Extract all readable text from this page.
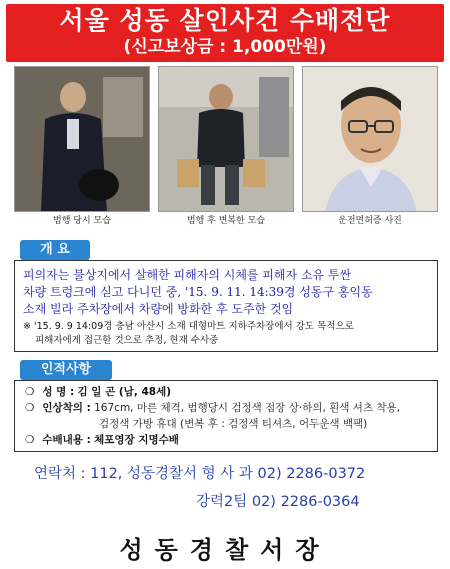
서울 성동 살인사건 수배전단
(신고보상금 : 1,000만원)
범행 당시 모습	범행 후 변복한 모습	운전면허증 사진
개 요
피의자는 불상지에서 살해한 피해자의 시체를 피해자 소유 투싼
차량 트렁크에 싣고 다니던 중, '15. 9. 11. 14:39경 성동구 홍익동
소재 빌라 주차장에서 차량에 방화한 후 도주한 것임
※ '15. 9. 9 14:09경 충남 아산시 소재 대형마트 지하주차장에서 강도 목적으로
피해자에게 접근한 것으로 추정, 현재 수사중
인적사항
❍ 성 명 : 김 일 곤 (남, 48세)
❍ 인상착의 : 167cm, 마른 체격, 범행당시 검정색 점장 상‧하의, 흰색 셔츠 착용,
검정색 가방 휴대 (변복 후 : 검정색 티셔츠, 어두운색 백팩)
❍ 수배내용 : 체포영장 지명수배
연락처 : 112, 성동경찰서 형 사 과 02) 2286-0372
강력2팀 02) 2286-0364
성동경찰서장
